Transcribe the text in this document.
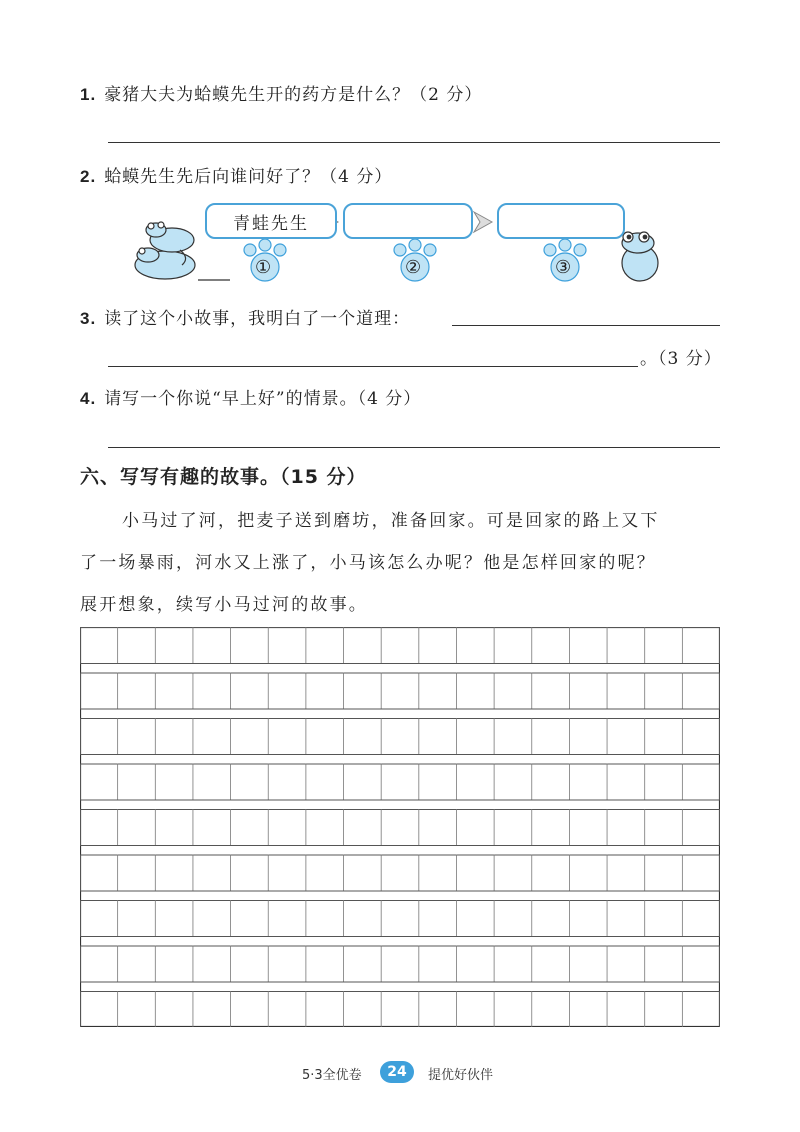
1. 豪猪大夫为蛤蟆先生开的药方是什么？（2 分）
2. 蛤蟆先生先后向谁问好了？（4 分）
青蛙先生
①	②	③
3. 读了这个小故事，我明白了一个道理：
。（3 分）
4. 请写一个你说“早上好”的情景。（4 分）
六、写写有趣的故事。（15 分）
小马过了河，把麦子送到磨坊，准备回家。可是回家的路上又下
了一场暴雨，河水又上涨了，小马该怎么办呢？他是怎样回家的呢？
展开想象，续写小马过河的故事。
5·3全优卷	24	提优好伙伴
